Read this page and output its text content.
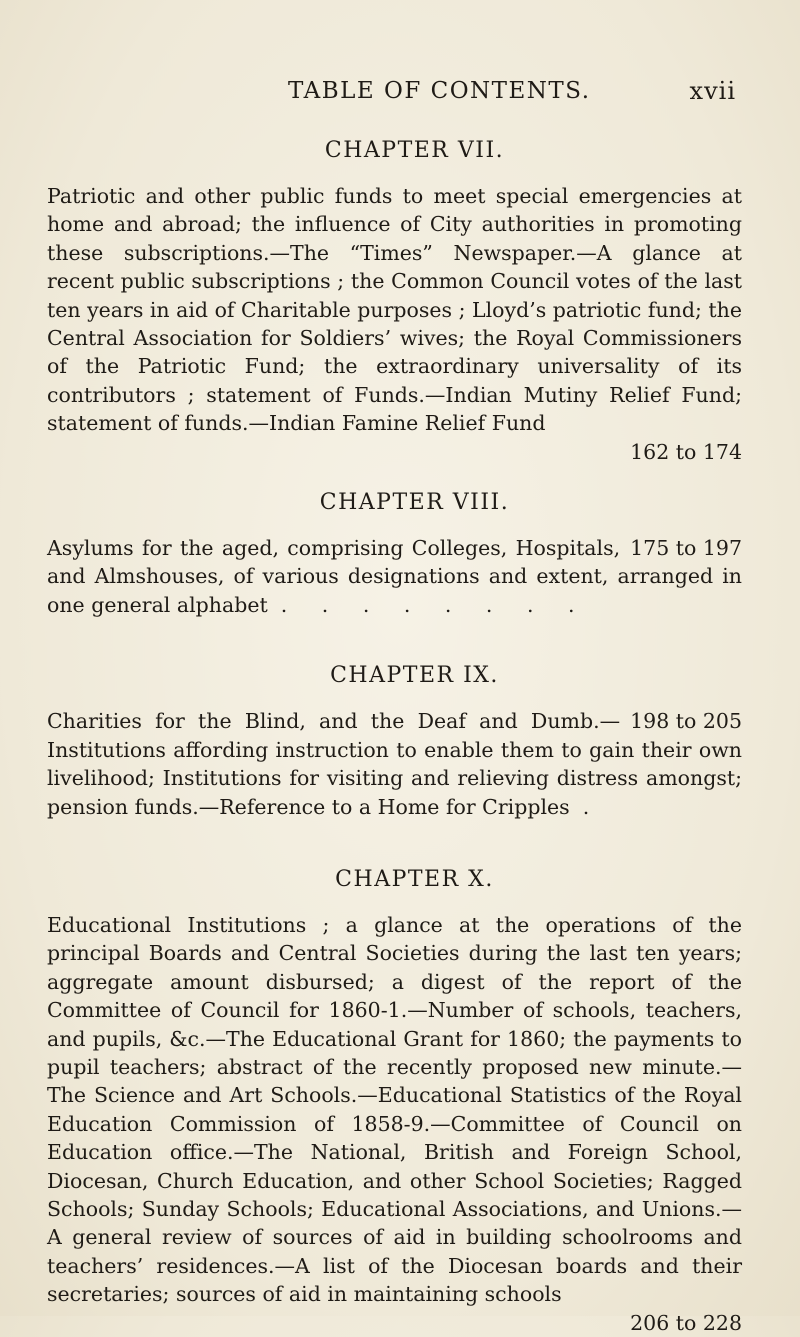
TABLE OF CONTENTS.	xvii
CHAPTER VII.

Patriotic and other public funds to meet special emergencies at home and abroad; the influence of City authorities in promoting these subscriptions.—The “Times” Newspaper.—A glance at recent public subscriptions ; the Common Council votes of the last ten years in aid of Charitable purposes ; Lloyd’s patriotic fund; the Central Association for Soldiers’ wives; the Royal Commissioners of the Patriotic Fund; the extraordinary universality of its contributors ; statement of Funds.—Indian Mutiny Relief Fund; statement of funds.—Indian Famine Relief Fund

162 to 174
CHAPTER VIII.

175 to 197
Asylums for the aged, comprising Colleges, Hospitals, and Almshouses, of various designations and extent, arranged in one general alphabet . . . . . . . .

CHAPTER IX.

198 to 205
Charities for the Blind, and the Deaf and Dumb.—Institutions affording instruction to enable them to gain their own livelihood; Institutions for visiting and relieving distress amongst; pension funds.—Reference to a Home for Cripples .

CHAPTER X.

Educational Institutions ; a glance at the operations of the principal Boards and Central Societies during the last ten years; aggregate amount disbursed; a digest of the report of the Committee of Council for 1860-1.—Number of schools, teachers, and pupils, &c.—The Educational Grant for 1860; the payments to pupil teachers; abstract of the recently proposed new minute.—The Science and Art Schools.—Educational Statistics of the Royal Education Commission of 1858-9.—Committee of Council on Education office.—The National, British and Foreign School, Diocesan, Church Education, and other School Societies; Ragged Schools; Sunday Schools; Educational Associations, and Unions.—A general review of sources of aid in building schoolrooms and teachers’ residences.—A list of the Diocesan boards and their secretaries; sources of aid in maintaining schools

206 to 228
